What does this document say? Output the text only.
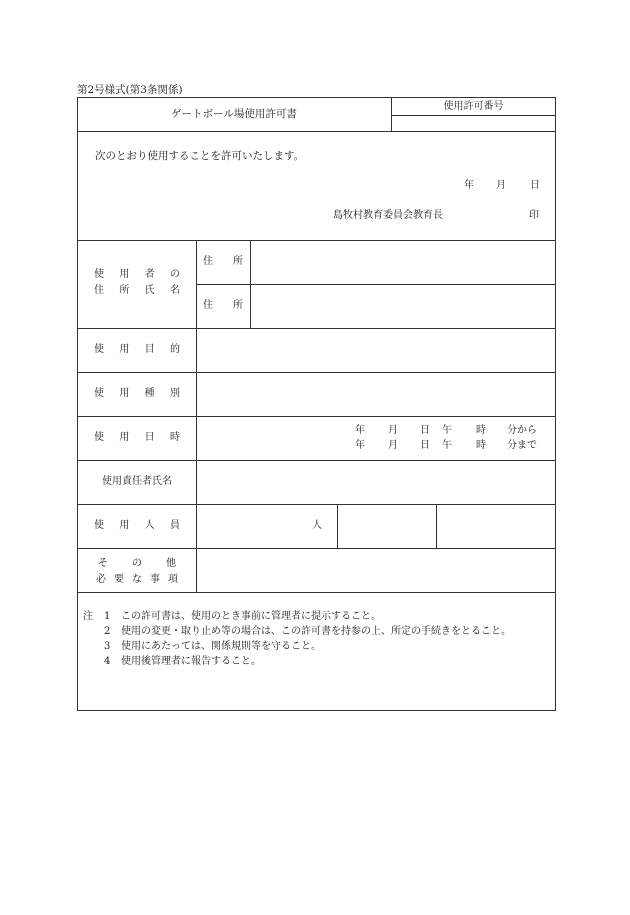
第2号様式(第3条関係)
ゲートボール場使用許可書
使用許可番号
次のとおり使用することを許可いたします。
年 月 日
島牧村教育委員会教育長	印
使 用 者 の
住 所 氏 名
住 所
住 所
使 用 目 的
使 用 種 別
使 用 日 時
年 月 日 午 時 分から
年 月 日 午 時 分まで
使用責任者氏名
使 用 人 員	人
そ の 他
必 要 な 事 項
注 1 この許可書は、使用のとき事前に管理者に提示すること。
2 使用の変更・取り止め等の場合は、この許可書を持参の上、所定の手続きをとること。
3 使用にあたっては、関係規則等を守ること。
4 使用後管理者に報告すること。
